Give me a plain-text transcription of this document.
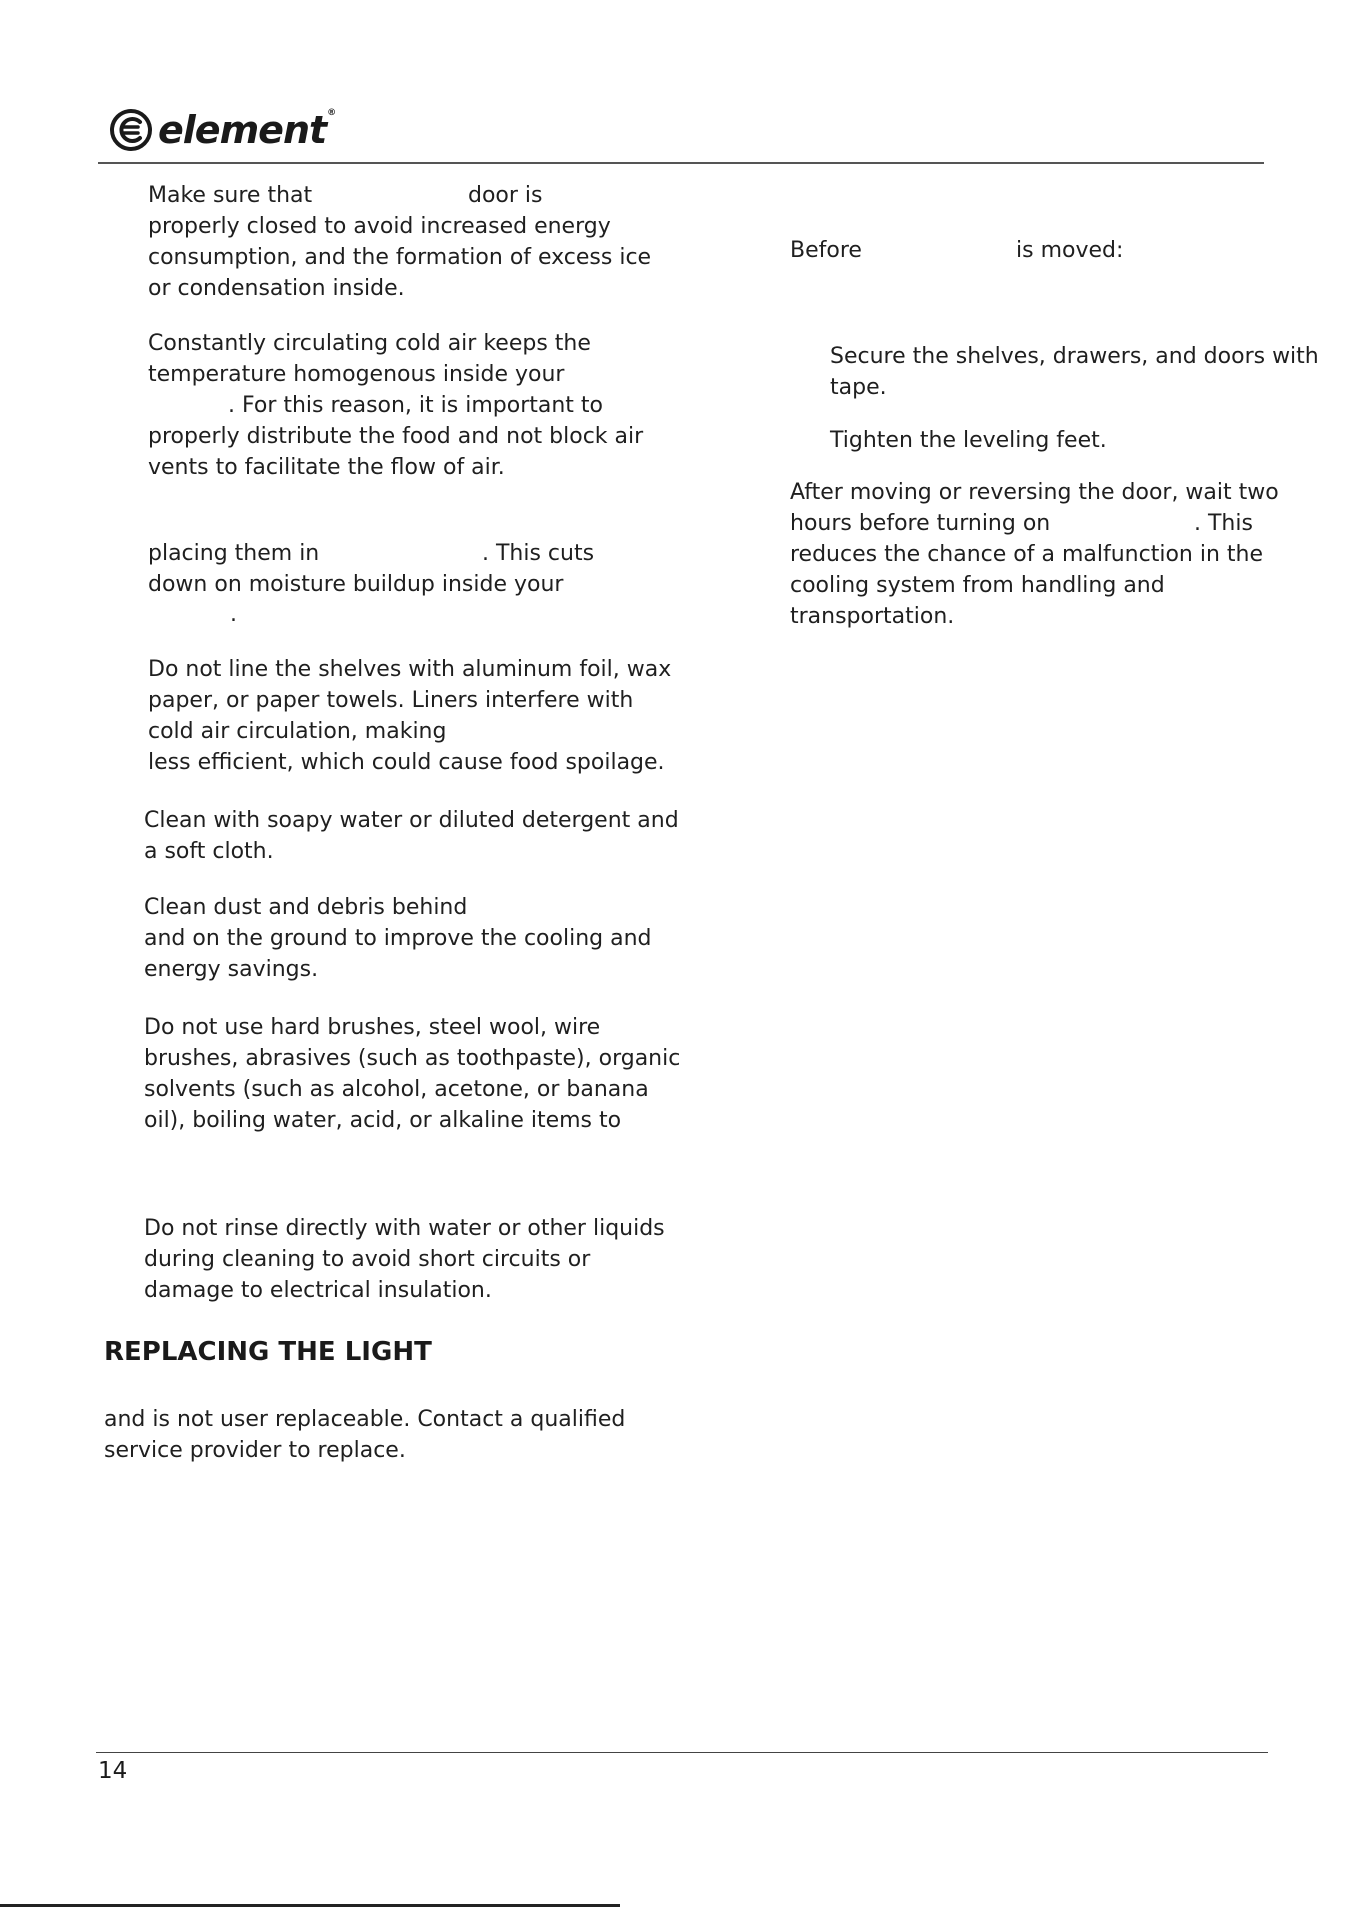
element®
Make sure that	door is
properly closed to avoid increased energy
consumption, and the formation of excess ice
or condensation inside.
Constantly circulating cold air keeps the
temperature homogenous inside your
. For this reason, it is important to
properly distribute the food and not block air
vents to facilitate the flow of air.
placing them in	. This cuts
down on moisture buildup inside your
.
Do not line the shelves with aluminum foil, wax
paper, or paper towels. Liners interfere with
cold air circulation, making
less efficient, which could cause food spoilage.
Clean with soapy water or diluted detergent and
a soft cloth.
Clean dust and debris behind
and on the ground to improve the cooling and
energy savings.
Do not use hard brushes, steel wool, wire
brushes, abrasives (such as toothpaste), organic
solvents (such as alcohol, acetone, or banana
oil), boiling water, acid, or alkaline items to
Do not rinse directly with water or other liquids
during cleaning to avoid short circuits or
damage to electrical insulation.
REPLACING THE LIGHT
and is not user replaceable. Contact a qualified
service provider to replace.
Before	is moved:
Secure the shelves, drawers, and doors with
tape.
Tighten the leveling feet.
After moving or reversing the door, wait two
hours before turning on	. This
reduces the chance of a malfunction in the
cooling system from handling and
transportation.
14
